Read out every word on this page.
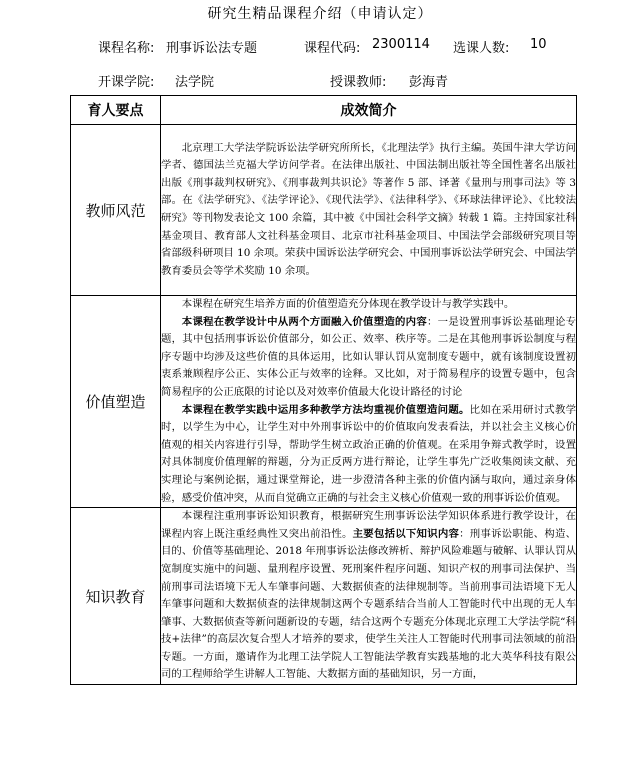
研究生精品课程介绍（申请认定）
课程名称: 刑事诉讼法专题	课程代码: 2300114 选课人数: 10
开课学院: 法学院	授课教师: 彭海青
育人要点	成效简介
教师风范	北京理工大学法学院诉讼法学研究所所长，《北理法学》执行主编。英国牛津大学访问学者、德国法兰克福大学访问学者。在法律出版社、中国法制出版社等全国性著名出版社出版《刑事裁判权研究》、《刑事裁判共识论》等著作 5 部、译著《量刑与刑事司法》等 3 部。在《法学研究》、《法学评论》、《现代法学》、《法律科学》、《环球法律评论》、《比较法研究》等刊物发表论文 100 余篇，其中被《中国社会科学文摘》转载 1 篇。主持国家社科基金项目、教育部人文社科基金项目、北京市社科基金项目、中国法学会部级研究项目等省部级科研项目 10 余项。荣获中国诉讼法学研究会、中国刑事诉讼法学研究会、中国法学教育委员会等学术奖励 10 余项。

价值塑造	本课程在研究生培养方面的价值塑造充分体现在教学设计与教学实践中。

本课程在教学设计中从两个方面融入价值塑造的内容：一是设置刑事诉讼基础理论专题，其中包括刑事诉讼价值部分，如公正、效率、秩序等。二是在其他刑事诉讼制度与程序专题中均涉及这些价值的具体运用，比如认罪认罚从宽制度专题中，就有该制度设置初衷系兼顾程序公正、实体公正与效率的诠释。又比如，对于简易程序的设置专题中，包含简易程序的公正底限的讨论以及对效率价值最大化设计路径的讨论

本课程在教学实践中运用多种教学方法均重视价值塑造问题。比如在采用研讨式教学时，以学生为中心，让学生对中外刑事诉讼中的价值取向发表看法，并以社会主义核心价值观的相关内容进行引导，帮助学生树立政治正确的价值观。在采用争辩式教学时，设置对具体制度价值理解的辩题，分为正反两方进行辩论，让学生事先广泛收集阅读文献、充实理论与案例论据，通过课堂辩论，进一步澄清各种主张的价值内涵与取向，通过亲身体验，感受价值冲突，从而自觉确立正确的与社会主义核心价值观一致的刑事诉讼价值观。

知识教育	本课程注重刑事诉讼知识教育，根据研究生刑事诉讼法学知识体系进行教学设计，在课程内容上既注重经典性又突出前沿性。主要包括以下知识内容：刑事诉讼职能、构造、目的、价值等基础理论、2018 年刑事诉讼法修改辨析、辩护风险难题与破解、认罪认罚从宽制度实施中的问题、量刑程序设置、死刑案件程序问题、知识产权的刑事司法保护、当前刑事司法语境下无人车肇事问题、大数据侦查的法律规制等。当前刑事司法语境下无人车肇事问题和大数据侦查的法律规制这两个专题系结合当前人工智能时代中出现的无人车肇事、大数据侦查等新问题新设的专题，结合这两个专题充分体现北京理工大学法学院“科技+法律”的高层次复合型人才培养的要求，使学生关注人工智能时代刑事司法领域的前沿专题。一方面，邀请作为北理工法学院人工智能法学教育实践基地的北大英华科技有限公司的工程师给学生讲解人工智能、大数据方面的基础知识，另一方面，
